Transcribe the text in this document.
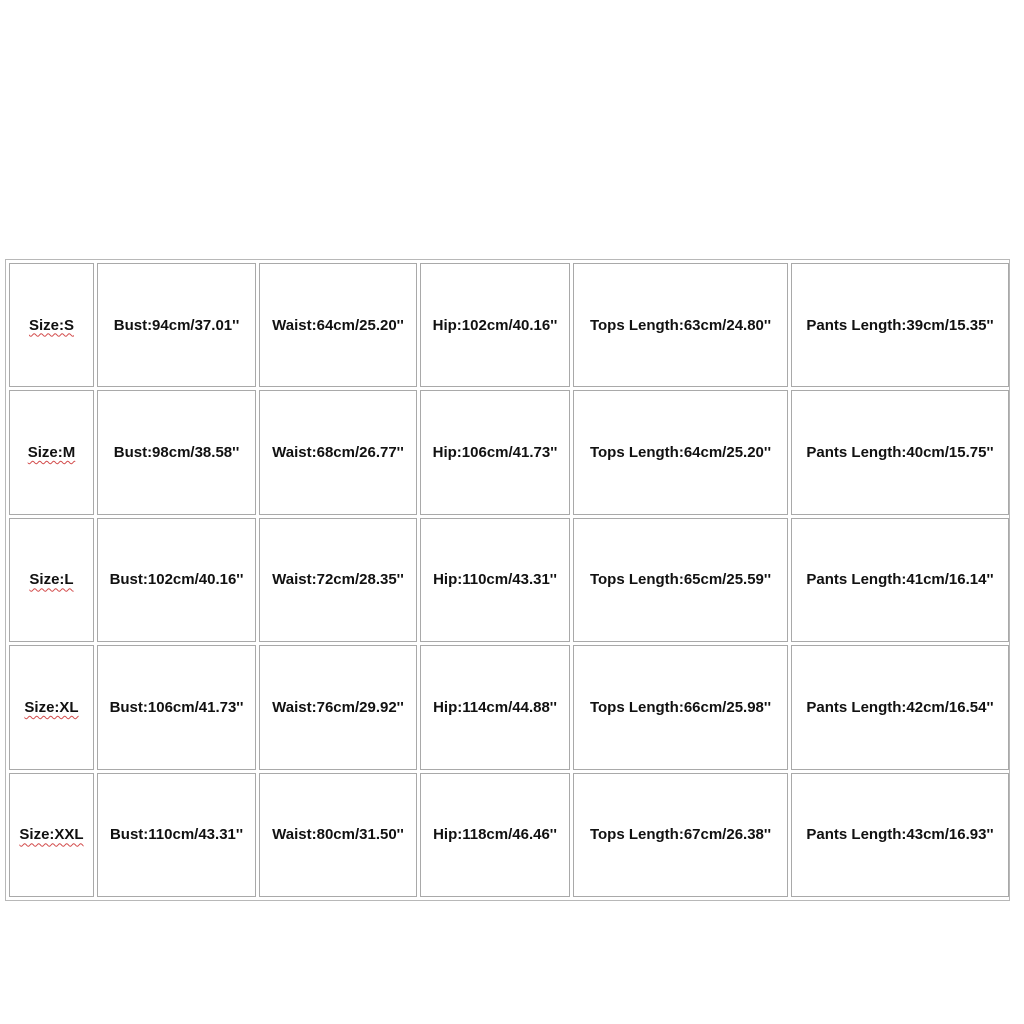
Size:S	Bust:94cm/37.01''	Waist:64cm/25.20''	Hip:102cm/40.16''	Tops Length:63cm/24.80''	Pants Length:39cm/15.35''
Size:M	Bust:98cm/38.58''	Waist:68cm/26.77''	Hip:106cm/41.73''	Tops Length:64cm/25.20''	Pants Length:40cm/15.75''
Size:L	Bust:102cm/40.16''	Waist:72cm/28.35''	Hip:110cm/43.31''	Tops Length:65cm/25.59''	Pants Length:41cm/16.14''
Size:XL	Bust:106cm/41.73''	Waist:76cm/29.92''	Hip:114cm/44.88''	Tops Length:66cm/25.98''	Pants Length:42cm/16.54''
Size:XXL	Bust:110cm/43.31''	Waist:80cm/31.50''	Hip:118cm/46.46''	Tops Length:67cm/26.38''	Pants Length:43cm/16.93''
